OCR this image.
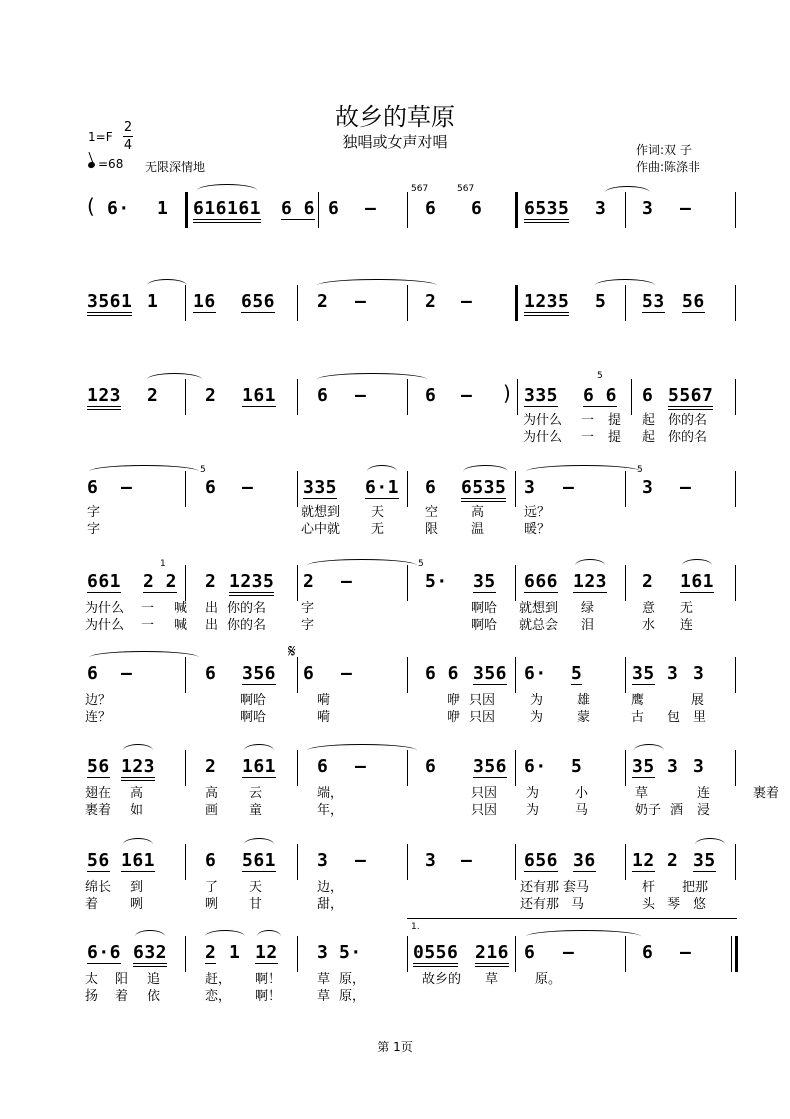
故乡的草原
独唱或女声对唱
1=F
2
4
=68 无限深情地
作词:双 子
作曲:陈涤非
( 6· 1 616161 6 6 6 —
567
6
567
6 6535 3 3 —
3561 1 16 656 2 —	2 —	1235 5 53 56
123 2	2 161 6 —	6 — ) 335
5
6 6 6 5567
为什么 一 提 起 你的名
为什么 一 提 起 你的名
6 —
5
6 —	335 6·1 6 6535 3 —
5
3 —
字	就想到 天	空	高	远？
字	心中就 无	限	温	暖？
661
1
2 2 2 1235 2 —
5
5· 35 666 123 2 161
为什么 一 喊 出 你的名	字	啊哈 就想到 绿	意 无
为什么 一 喊 出 你的名	字	啊哈 就总会 泪	水 连
6 —	6 356
𝄋
6 —	6 6 356 6· 5	35 3 3
边？	啊哈	嗬	咿 只因	为	雄	鹰	展
连？	啊哈	嗬	咿 只因	为	蒙	古 包 里
56 123	2 161 6 —	6 356 6· 5	35 3 3
翅在 高	高 云	端，	只因 为	小	草	连	裹着
裹着 如	画 童	年，	只因 为	马	奶子 酒 浸
56 161	6 561 3 —	3 —	656 36 12 2 35
绵长 到	了 天	边，	还有那 套马	杆 把那
着 咧	咧 甘	甜，	还有那 马	头 琴 悠
6·6 632 2 1 12 3 5·
1.
0556 216 6 —	6 —
太 阳 追	赶， 啊！	草 原，	故乡的 草	原。
扬 着 依	恋， 啊！	草 原，
第 1页
